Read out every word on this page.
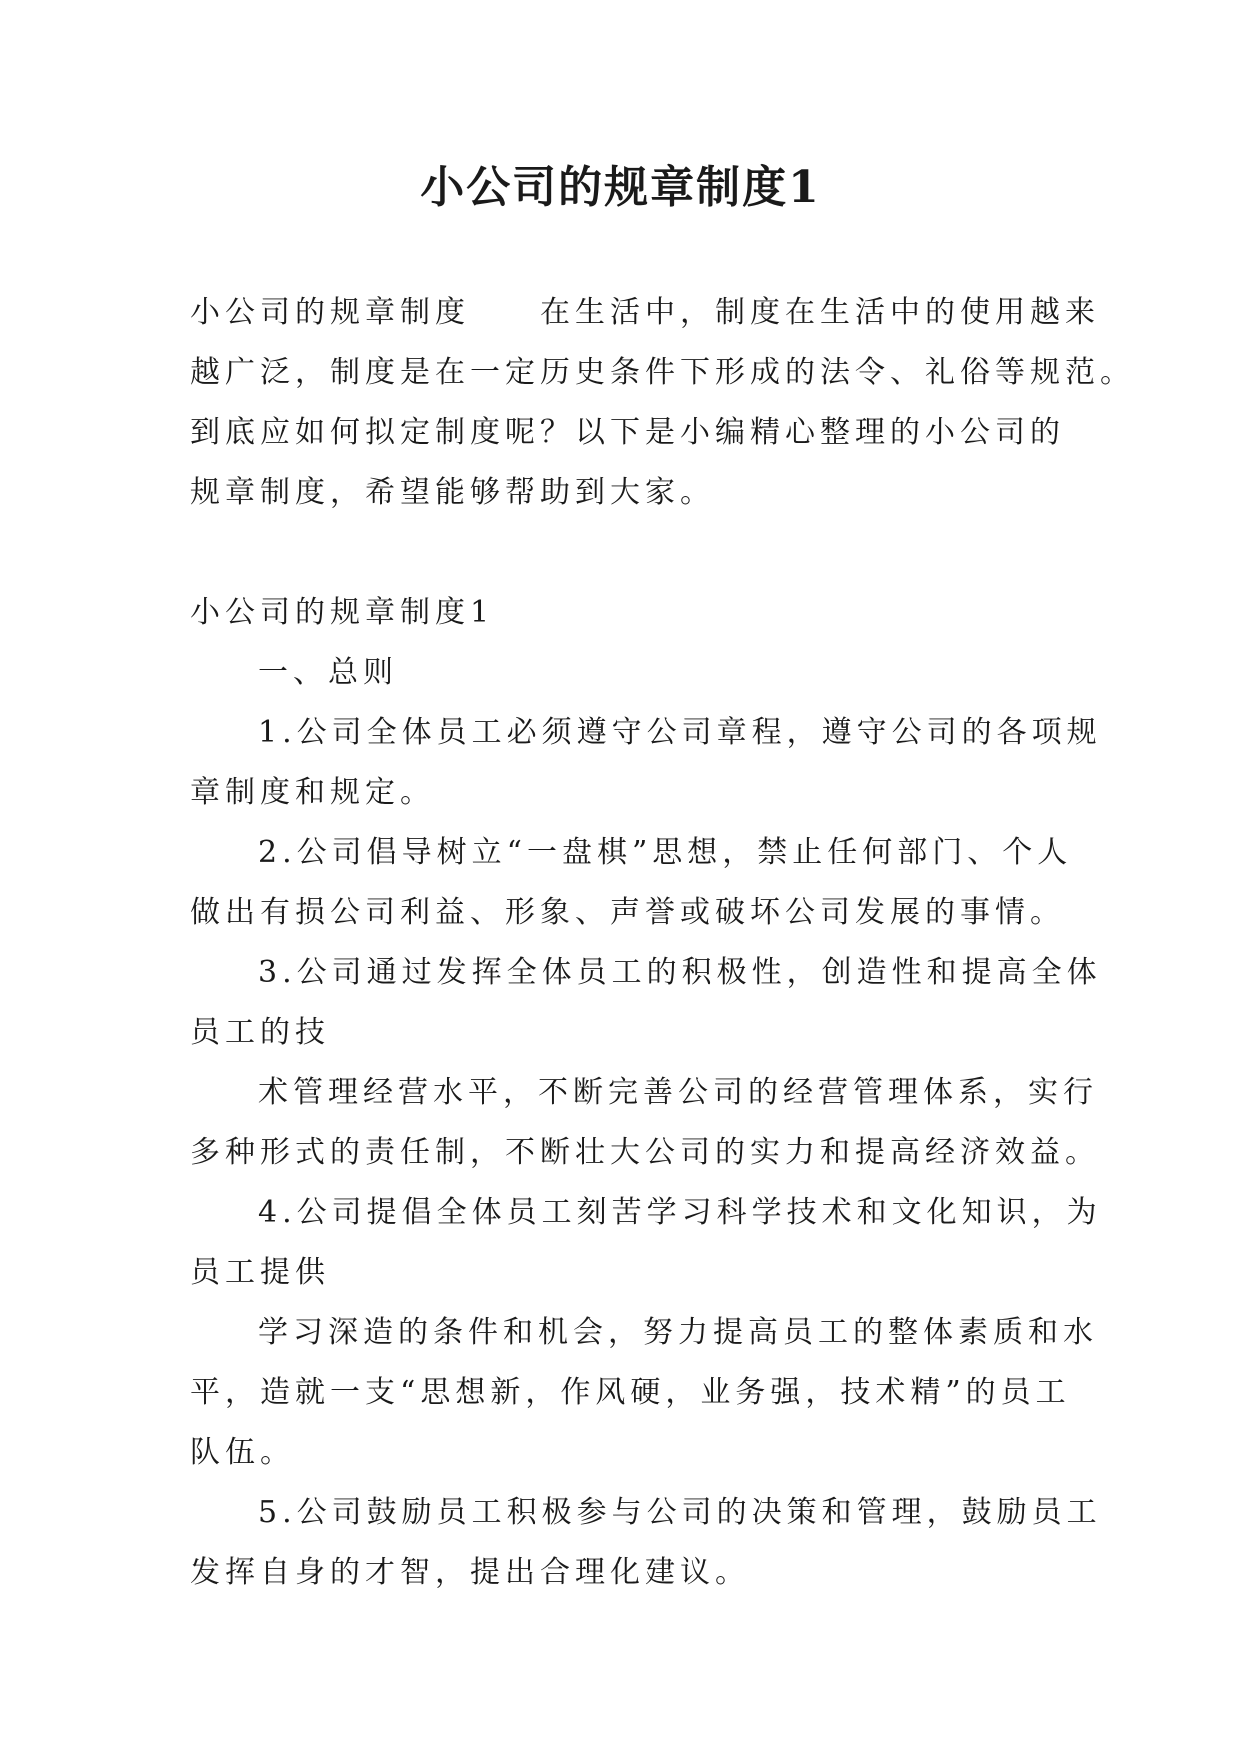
小公司的规章制度1

小公司的规章制度　　在生活中，制度在生活中的使用越来

越广泛，制度是在一定历史条件下形成的法令、礼俗等规范。

到底应如何拟定制度呢？以下是小编精心整理的小公司的

规章制度，希望能够帮助到大家。

小公司的规章制度1

一、总则

1.公司全体员工必须遵守公司章程，遵守公司的各项规

章制度和规定。

2.公司倡导树立“一盘棋”思想，禁止任何部门、个人

做出有损公司利益、形象、声誉或破坏公司发展的事情。

3.公司通过发挥全体员工的积极性，创造性和提高全体

员工的技

术管理经营水平，不断完善公司的经营管理体系，实行

多种形式的责任制，不断壮大公司的实力和提高经济效益。

4.公司提倡全体员工刻苦学习科学技术和文化知识，为

员工提供

学习深造的条件和机会，努力提高员工的整体素质和水

平，造就一支“思想新，作风硬，业务强，技术精”的员工

队伍。

5.公司鼓励员工积极参与公司的决策和管理，鼓励员工

发挥自身的才智，提出合理化建议。
